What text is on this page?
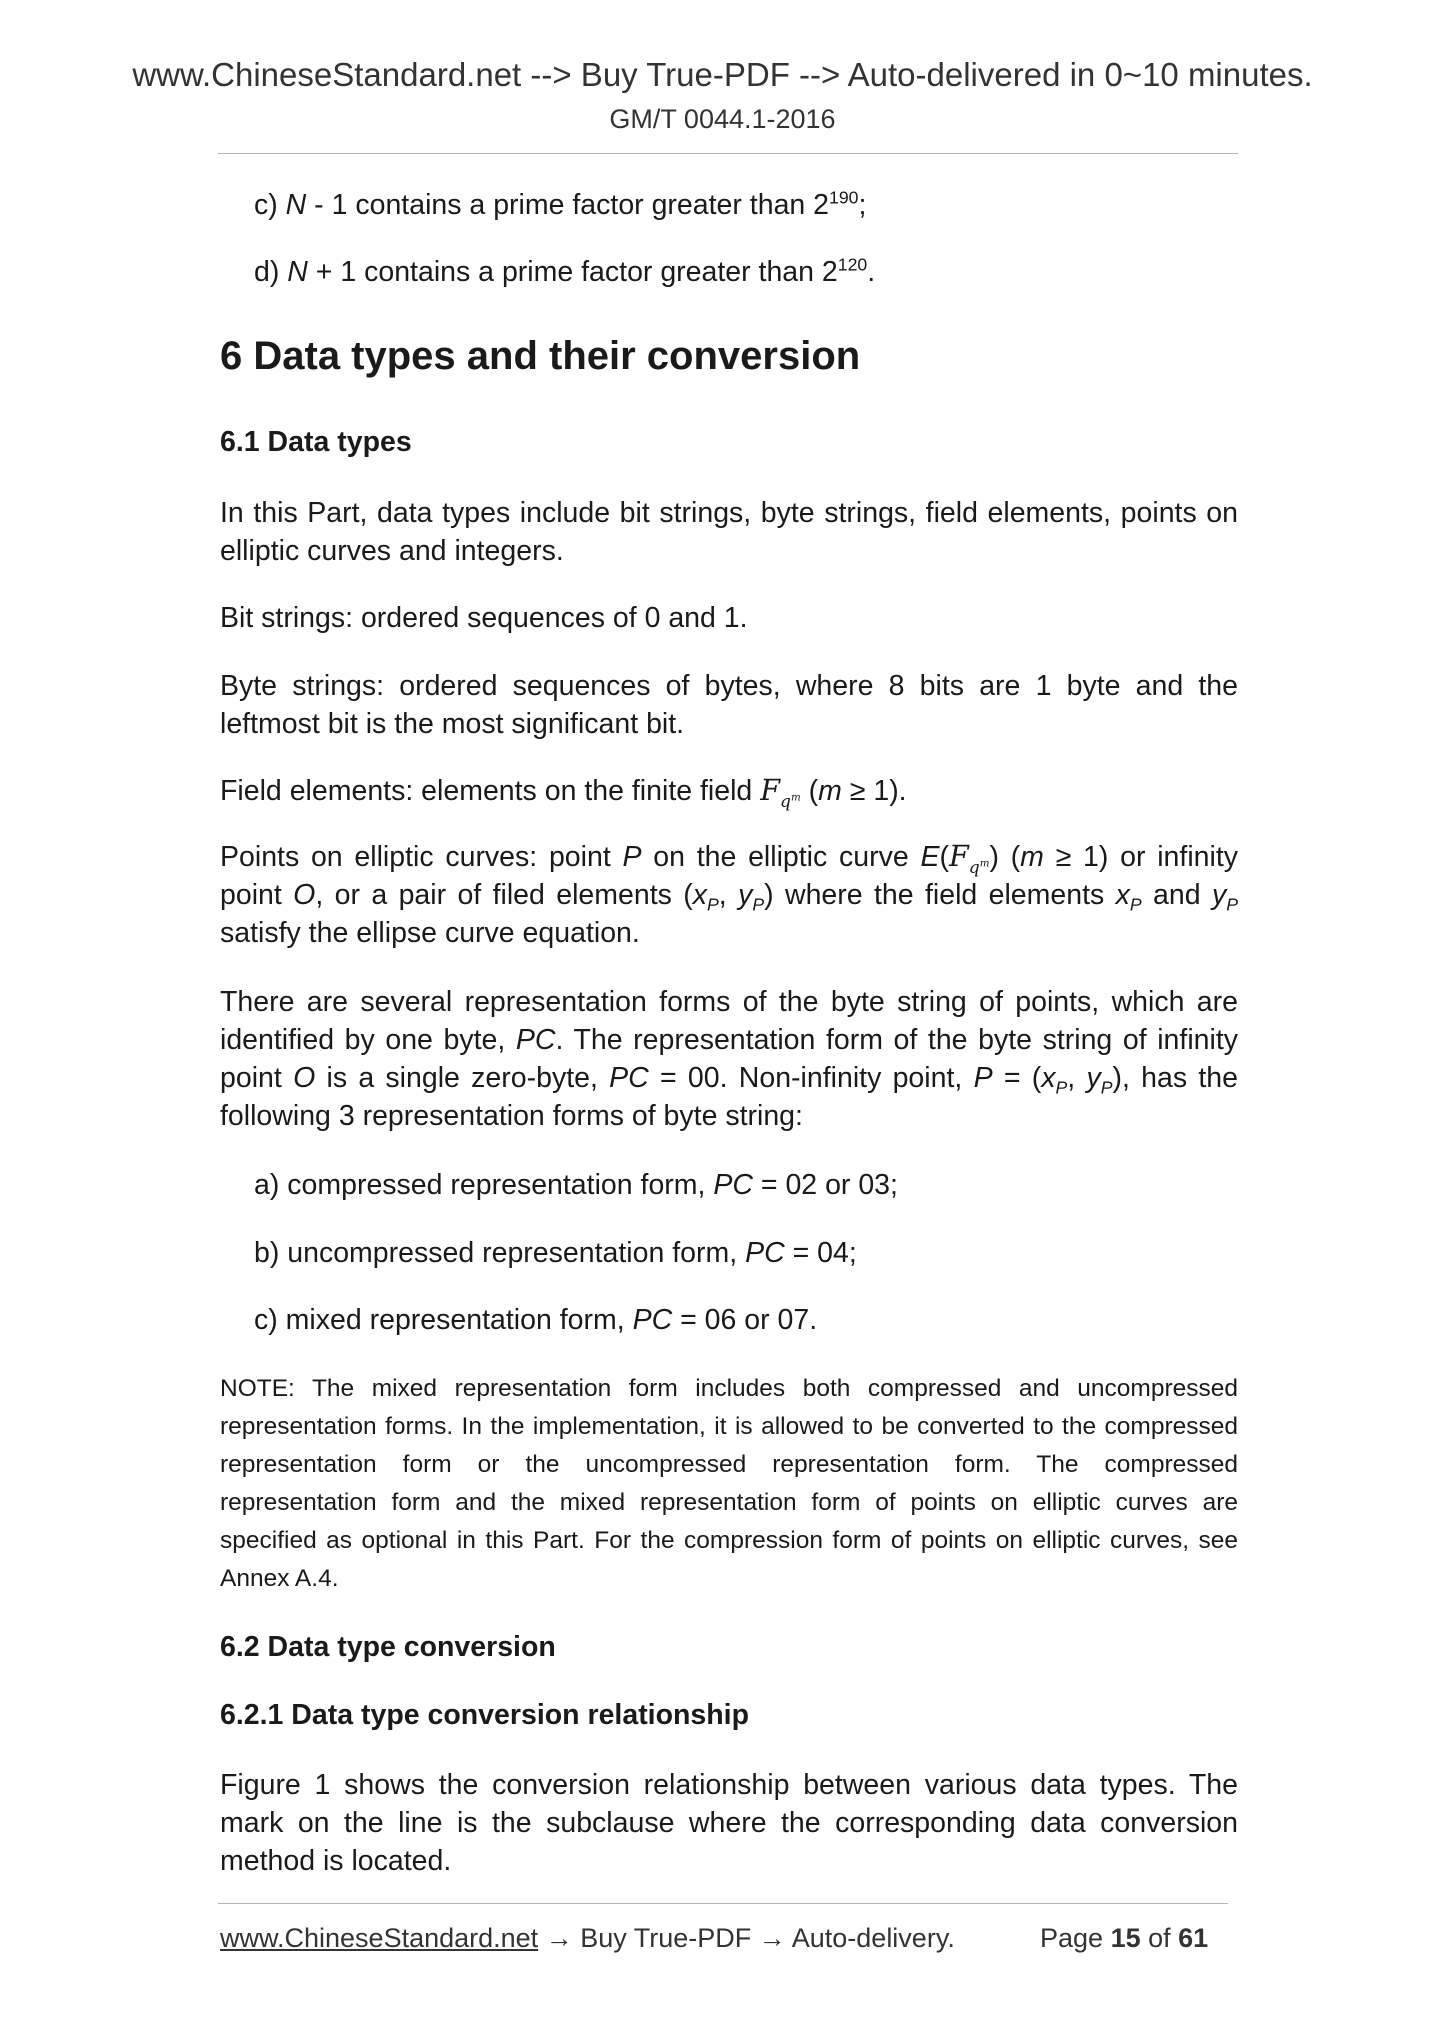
www.ChineseStandard.net --> Buy True-PDF --> Auto-delivered in 0~10 minutes.
GM/T 0044.1-2016
c) N - 1 contains a prime factor greater than $2^{190}$;
d) N + 1 contains a prime factor greater than $2^{120}$.
6 Data types and their conversion
6.1 Data types
In this Part, data types include bit strings, byte strings, field elements, points on elliptic curves and integers.
Bit strings: ordered sequences of 0 and 1.
Byte strings: ordered sequences of bytes, where 8 bits are 1 byte and the leftmost bit is the most significant bit.
Field elements: elements on the finite field $F_{q^m}$ (m ≥ 1).
Points on elliptic curves: point P on the elliptic curve $E(F_{q^m}) (m \ge 1)$ or infinity point O, or a pair of filed elements ($x_P$, $y_P$) where the field elements $x_P$ and $y_P$ satisfy the ellipse curve equation.
There are several representation forms of the byte string of points, which are identified by one byte, PC. The representation form of the byte string of infinity point O is a single zero-byte, PC = 00. Non-infinity point, $P = (x_P$, $y_P$), has the following 3 representation forms of byte string:
a) compressed representation form, PC = 02 or 03;
b) uncompressed representation form, PC = 04;
c) mixed representation form, PC = 06 or 07.
NOTE: The mixed representation form includes both compressed and uncompressed representation forms. In the implementation, it is allowed to be converted to the compressed representation form or the uncompressed representation form. The compressed representation form and the mixed representation form of points on elliptic curves are specified as optional in this Part. For the compression form of points on elliptic curves, see Annex A.4.
6.2 Data type conversion
6.2.1 Data type conversion relationship
Figure 1 shows the conversion relationship between various data types. The mark on the line is the subclause where the corresponding data conversion method is located.
www.ChineseStandard.net → Buy True-PDF → Auto-delivery.	Page 15 of 61
